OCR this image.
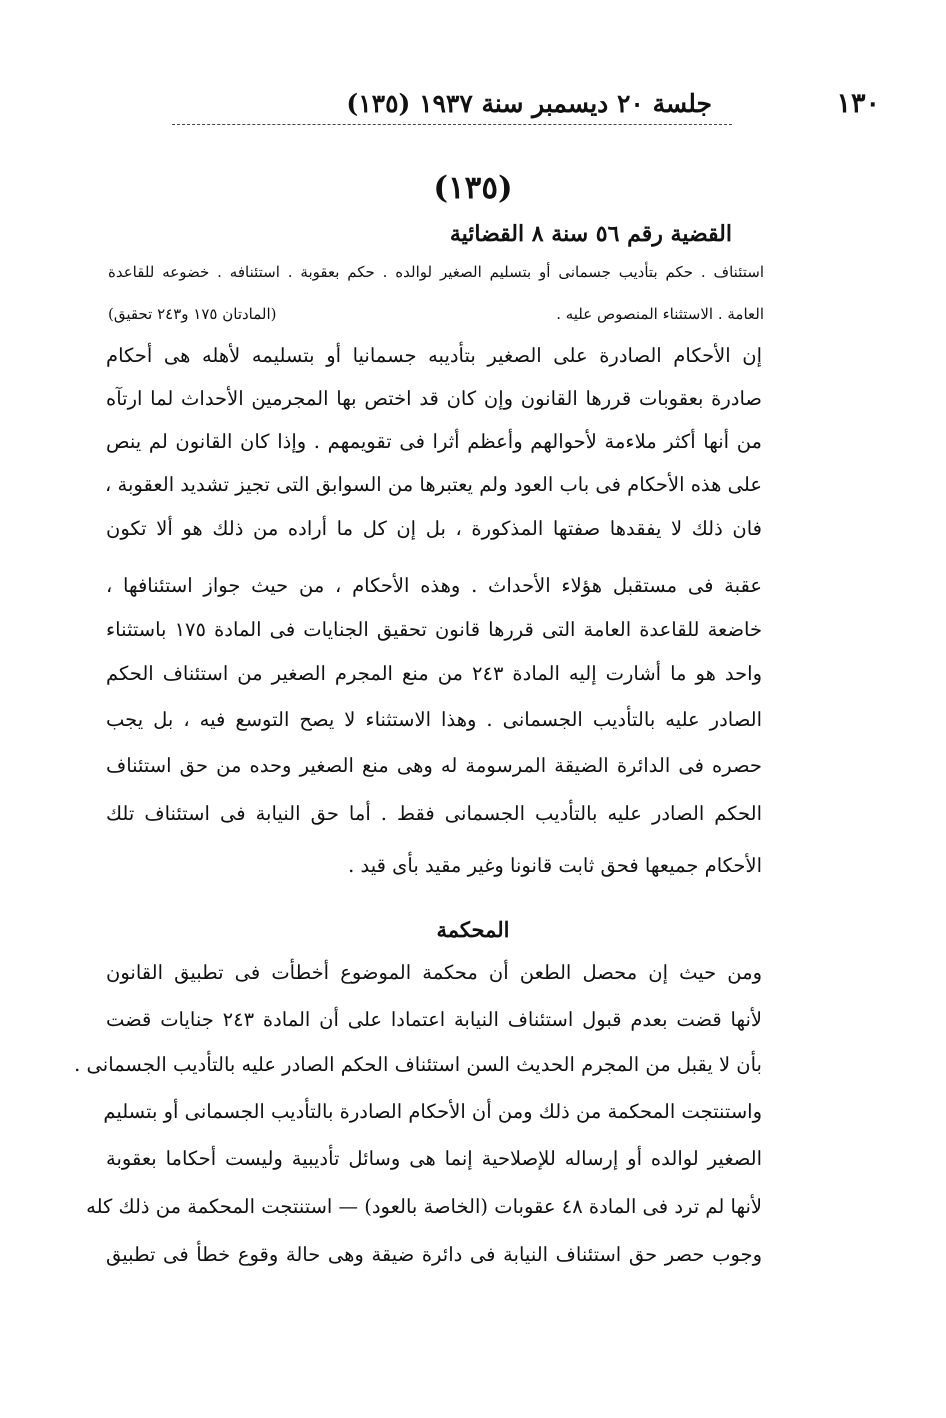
١٣٠
جلسة ٢٠ ديسمبر سنة ١٩٣٧ (١٣٥)
(١٣٥)
القضية رقم ٥٦ سنة ٨ القضائية
استئناف . حكم بتأديب جسمانى أو بتسليم الصغير لوالده . حكم بعقوبة . استئنافه . خضوعه للقاعدة
العامة . الاستثناء المنصوص عليه .
(المادتان ١٧٥ و٢٤٣ تحقيق)
إن الأحكام الصادرة على الصغير بتأديبه جسمانيا أو بتسليمه لأهله هى أحكام
صادرة بعقوبات قررها القانون وإن كان قد اختص بها المجرمين الأحداث لما ارتآه
من أنها أكثر ملاءمة لأحوالهم وأعظم أثرا فى تقويمهم . وإذا كان القانون لم ينص
على هذه الأحكام فى باب العود ولم يعتبرها من السوابق التى تجيز تشديد العقوبة ،
فان ذلك لا يفقدها صفتها المذكورة ، بل إن كل ما أراده من ذلك هو ألا تكون
عقبة فى مستقبل هؤلاء الأحداث . وهذه الأحكام ، من حيث جواز استئنافها ،
خاضعة للقاعدة العامة التى قررها قانون تحقيق الجنايات فى المادة ١٧٥ باستثناء
واحد هو ما أشارت إليه المادة ٢٤٣ من منع المجرم الصغير من استئناف الحكم
الصادر عليه بالتأديب الجسمانى . وهذا الاستثناء لا يصح التوسع فيه ، بل يجب
حصره فى الدائرة الضيقة المرسومة له وهى منع الصغير وحده من حق استئناف
الحكم الصادر عليه بالتأديب الجسمانى فقط . أما حق النيابة فى استئناف تلك
الأحكام جميعها فحق ثابت قانونا وغير مقيد بأى قيد .
المحكمة
ومن حيث إن محصل الطعن أن محكمة الموضوع أخطأت فى تطبيق القانون
لأنها قضت بعدم قبول استئناف النيابة اعتمادا على أن المادة ٢٤٣ جنايات قضت
بأن لا يقبل من المجرم الحديث السن استئناف الحكم الصادر عليه بالتأديب الجسمانى .
واستنتجت المحكمة من ذلك ومن أن الأحكام الصادرة بالتأديب الجسمانى أو بتسليم
الصغير لوالده أو إرساله للإصلاحية إنما هى وسائل تأديبية وليست أحكاما بعقوبة
لأنها لم ترد فى المادة ٤٨ عقوبات (الخاصة بالعود) — استنتجت المحكمة من ذلك كله
وجوب حصر حق استئناف النيابة فى دائرة ضيقة وهى حالة وقوع خطأ فى تطبيق
